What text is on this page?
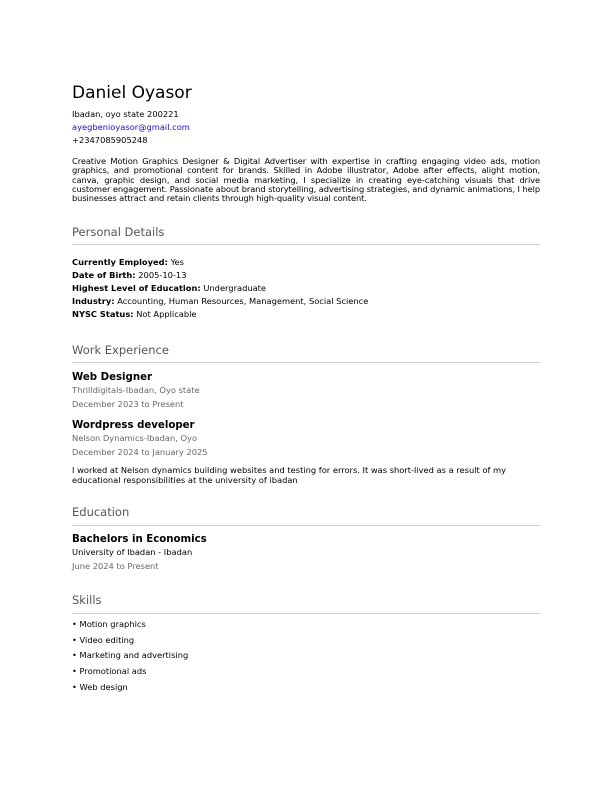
Daniel Oyasor
Ibadan, oyo state 200221
ayegbenioyasor@gmail.com
+2347085905248
Creative Motion Graphics Designer & Digital Advertiser with expertise in crafting engaging video ads, motion graphics, and promotional content for brands. Skilled in Adobe illustrator, Adobe after effects, alight motion, canva, graphic design, and social media marketing, I specialize in creating eye-catching visuals that drive customer engagement. Passionate about brand storytelling, advertising strategies, and dynamic animations, I help businesses attract and retain clients through high-quality visual content.
Personal Details
Currently Employed: Yes
Date of Birth: 2005-10-13
Highest Level of Education: Undergraduate
Industry: Accounting, Human Resources, Management, Social Science
NYSC Status: Not Applicable
Work Experience
Web Designer
Thrilldigitals-Ibadan, Oyo state
December 2023 to Present
Wordpress developer
Nelson Dynamics-Ibadan, Oyo
December 2024 to January 2025
I worked at Nelson dynamics building websites and testing for errors. It was short-lived as a result of my educational responsibilities at the university of ibadan
Education
Bachelors in Economics
University of Ibadan - Ibadan
June 2024 to Present
Skills
• Motion graphics
• Video editing
• Marketing and advertising
• Promotional ads
• Web design
